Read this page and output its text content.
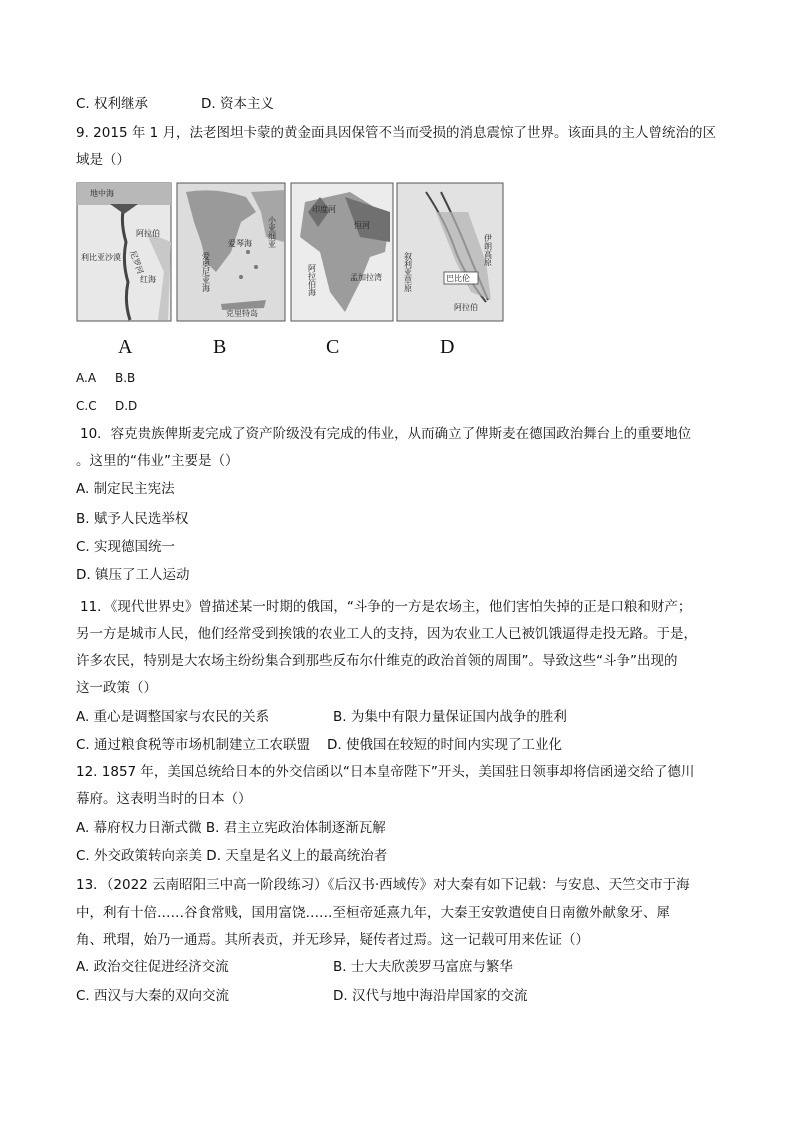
C. 权利继承	D. 资本主义
9. 2015 年 1 月，法老图坦卡蒙的黄金面具因保管不当而受损的消息震惊了世界。该面具的主人曾统治的区
域是（）
地中海
阿拉伯
利比亚沙漠
红海
尼罗河
爱琴海
爱奥尼亚海
小亚细亚
克里特岛
印度河
恒河
阿拉伯海	孟加拉湾
伊朗高原
叙利亚草原
阿拉伯
巴比伦
A	B	C	D
A.A B.B
C.C D.D
10．容克贵族俾斯麦完成了资产阶级没有完成的伟业，从而确立了俾斯麦在德国政治舞台上的重要地位
。这里的“伟业”主要是（）
A. 制定民主宪法
B. 赋予人民选举权
C. 实现德国统一
D. 镇压了工人运动
11．《现代世界史》曾描述某一时期的俄国，“斗争的一方是农场主，他们害怕失掉的正是口粮和财产；
另一方是城市人民，他们经常受到挨饿的农业工人的支持，因为农业工人已被饥饿逼得走投无路。于是，
许多农民，特别是大农场主纷纷集合到那些反布尔什维克的政治首领的周围”。导致这些“斗争”出现的
这一政策（）
A. 重心是调整国家与农民的关系	B. 为集中有限力量保证国内战争的胜利
C. 通过粮食税等市场机制建立工农联盟 D. 使俄国在较短的时间内实现了工业化
12. 1857 年，美国总统给日本的外交信函以“日本皇帝陛下”开头，美国驻日领事却将信函递交给了德川
幕府。这表明当时的日本（）
A. 幕府权力日渐式微 B. 君主立宪政治体制逐渐瓦解
C. 外交政策转向亲美 D. 天皇是名义上的最高统治者
13．（2022 云南昭阳三中高一阶段练习）《后汉书·西域传》对大秦有如下记载：与安息、天竺交市于海
中，利有十倍……谷食常贱，国用富饶……至桓帝延熹九年，大秦王安敦遣使自日南徼外献象牙、犀
角、玳瑁，始乃一通焉。其所表贡，并无珍异，疑传者过焉。这一记载可用来佐证（）
A. 政治交往促进经济交流	B. 士大夫欣羡罗马富庶与繁华
C. 西汉与大秦的双向交流	D. 汉代与地中海沿岸国家的交流
